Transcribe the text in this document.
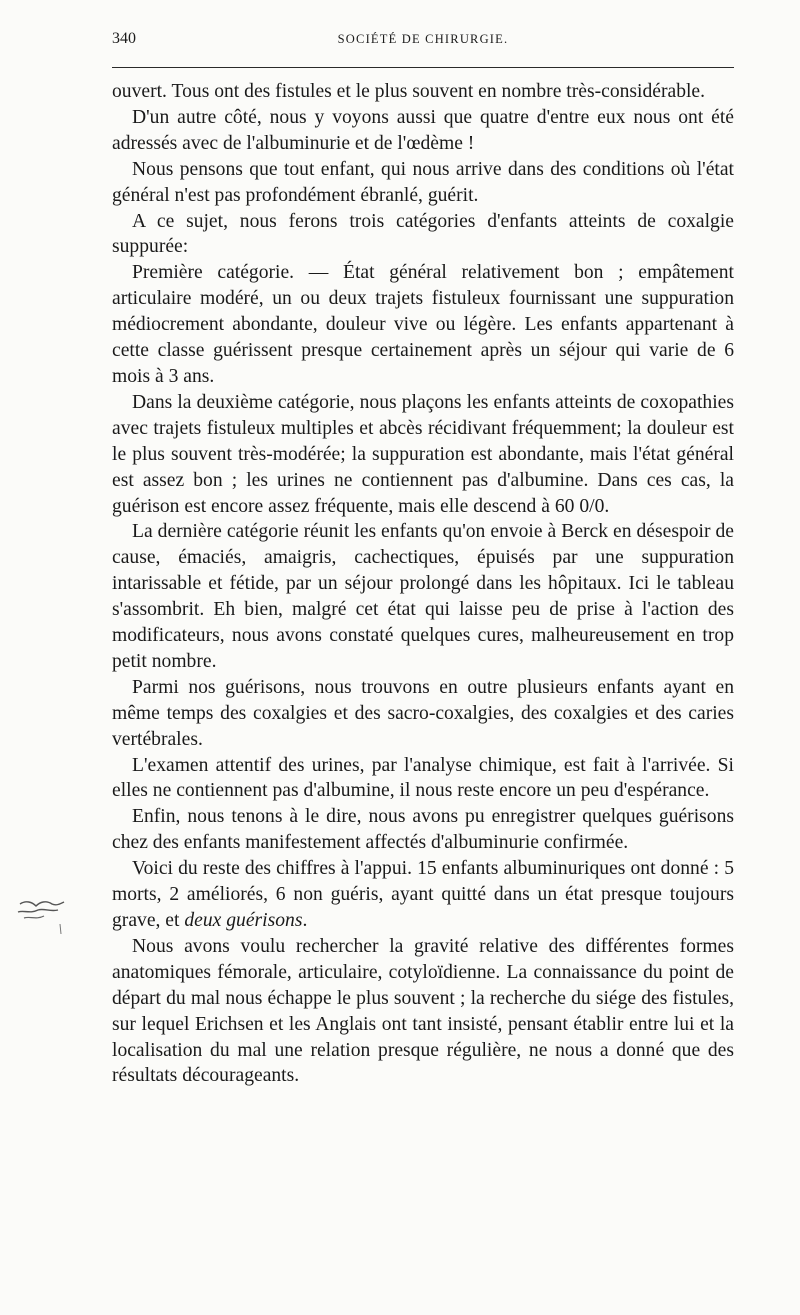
340	SOCIÉTÉ DE CHIRURGIE.

ouvert. Tous ont des fistules et le plus souvent en nombre très-considérable.

D'un autre côté, nous y voyons aussi que quatre d'entre eux nous ont été adressés avec de l'albuminurie et de l'œdème !

Nous pensons que tout enfant, qui nous arrive dans des conditions où l'état général n'est pas profondément ébranlé, guérit.

A ce sujet, nous ferons trois catégories d'enfants atteints de coxalgie suppurée:

Première catégorie. — État général relativement bon ; empâtement articulaire modéré, un ou deux trajets fistuleux fournissant une suppuration médiocrement abondante, douleur vive ou légère. Les enfants appartenant à cette classe guérissent presque certainement après un séjour qui varie de 6 mois à 3 ans.

Dans la deuxième catégorie, nous plaçons les enfants atteints de coxopathies avec trajets fistuleux multiples et abcès récidivant fréquemment; la douleur est le plus souvent très-modérée; la suppuration est abondante, mais l'état général est assez bon ; les urines ne contiennent pas d'albumine. Dans ces cas, la guérison est encore assez fréquente, mais elle descend à 60 0/0.

La dernière catégorie réunit les enfants qu'on envoie à Berck en désespoir de cause, émaciés, amaigris, cachectiques, épuisés par une suppuration intarissable et fétide, par un séjour prolongé dans les hôpitaux. Ici le tableau s'assombrit. Eh bien, malgré cet état qui laisse peu de prise à l'action des modificateurs, nous avons constaté quelques cures, malheureusement en trop petit nombre.

Parmi nos guérisons, nous trouvons en outre plusieurs enfants ayant en même temps des coxalgies et des sacro-coxalgies, des coxalgies et des caries vertébrales.

L'examen attentif des urines, par l'analyse chimique, est fait à l'arrivée. Si elles ne contiennent pas d'albumine, il nous reste encore un peu d'espérance.

Enfin, nous tenons à le dire, nous avons pu enregistrer quelques guérisons chez des enfants manifestement affectés d'albuminurie confirmée.

Voici du reste des chiffres à l'appui. 15 enfants albuminuriques ont donné : 5 morts, 2 améliorés, 6 non guéris, ayant quitté dans un état presque toujours grave, et deux guérisons.

Nous avons voulu rechercher la gravité relative des différentes formes anatomiques fémorale, articulaire, cotyloïdienne. La connaissance du point de départ du mal nous échappe le plus souvent ; la recherche du siége des fistules, sur lequel Erichsen et les Anglais ont tant insisté, pensant établir entre lui et la localisation du mal une relation presque régulière, ne nous a donné que des résultats décourageants.
